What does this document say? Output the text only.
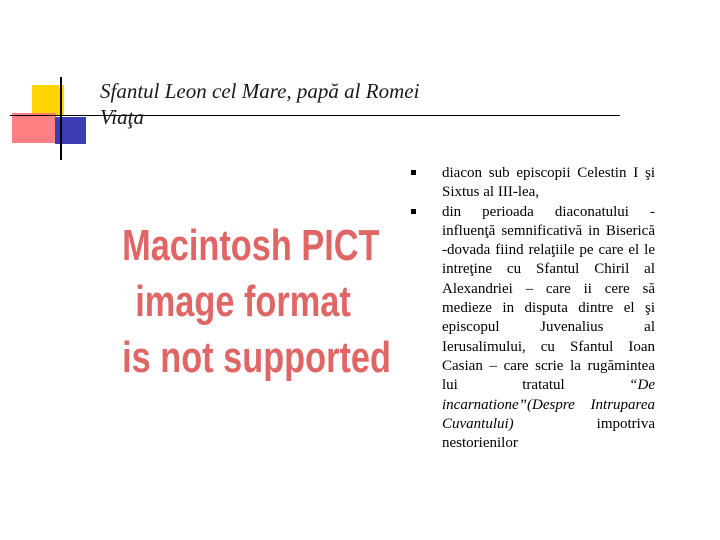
Sfantul Leon cel Mare, papă al Romei
Viaţa
Macintosh PICT
image format
is not supported
diacon sub episcopii Celestin I şi Sixtus al III-lea,
din perioada diaconatului - influenţă semnificativă in Biserică -dovada fiind relaţiile pe care el le intreţine cu Sfantul Chiril al Alexandriei – care ii cere să medieze in disputa dintre el şi episcopul Juvenalius al Ierusalimului, cu Sfantul Ioan Casian – care scrie la rugămintea lui tratatul	“De incarnatione”(Despre Intruparea Cuvantului)	impotriva nestorienilor
